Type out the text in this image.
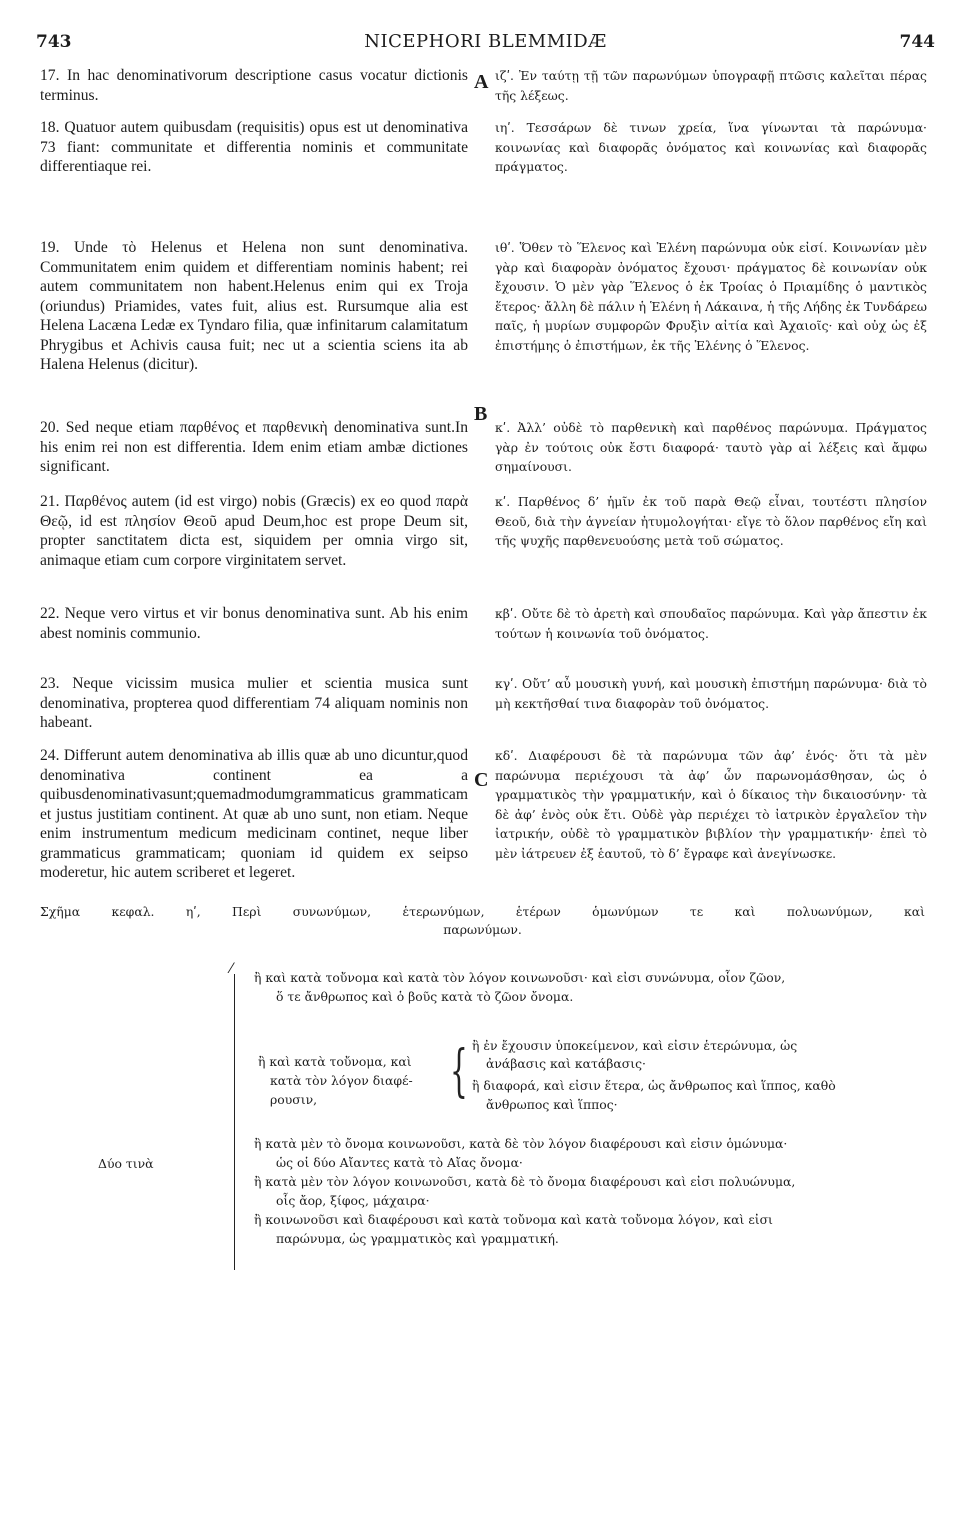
743	NICEPHORI BLEMMIDÆ	744

17. In hac denominativorum descriptione casus vocatur dictionis terminus.

18. Quatuor autem quibusdam (requisitis) opus est ut denominativa 73 fiant: communitate et differentia nominis et communitate differentiaque rei.

19. Unde τὸ Helenus et Helena non sunt denominativa. Communitatem enim quidem et differentiam nominis habent; rei autem communitatem non habent.Helenus enim qui ex Troja (oriundus) Priamides, vates fuit, alius est. Rursumque alia est Helena Lacæna Ledæ ex Tyndaro filia, quæ infinitarum calamitatum Phrygibus et Achivis causa fuit; nec ut a scientia sciens ita ab Halena Helenus (dicitur).

20. Sed neque etiam παρθένος et παρθενικὴ denominativa sunt.In his enim rei non est differentia. Idem enim etiam ambæ dictiones significant.

21. Παρθένος autem (id est virgo) nobis (Græcis) ex eo quod παρὰ Θεῷ, id est πλησίον Θεοῦ apud Deum,hoc est prope Deum sit, propter sanctitatem dicta est, siquidem per omnia virgo sit, animaque etiam cum corpore virginitatem servet.

22. Neque vero virtus et vir bonus denominativa sunt. Ab his enim abest nominis communio.

23. Neque vicissim musica mulier et scientia musica sunt denominativa, propterea quod differentiam 74 aliquam nominis non habeant.

24. Differunt autem denominativa ab illis quæ ab uno dicuntur,quod denominativa continent ea a quibusdenominativasunt;quemadmodumgrammaticus grammaticam et justus justitiam continent. At quæ ab uno sunt, non etiam. Neque enim instrumentum medicum medicinam continet, neque liber grammaticus grammaticam; quoniam id quidem ex seipso moderetur, hic autem scriberet et legeret.

A
B
C

ιζʹ. Ἐν ταύτῃ τῇ τῶν παρωνύμων ὑπογραφῇ πτῶσις καλεῖται πέρας τῆς λέξεως.

ιηʹ. Τεσσάρων δὲ τινων χρεία, ἵνα γίνωνται τὰ παρώνυμα· κοινωνίας καὶ διαφορᾶς ὀνόματος καὶ κοινωνίας καὶ διαφορᾶς πράγματος.

ιθʹ. Ὅθεν τὸ Ἕλενος καὶ Ἑλένη παρώνυμα οὐκ εἰσί. Κοινωνίαν μὲν γὰρ καὶ διαφορὰν ὀνόματος ἔχουσι· πράγματος δὲ κοινωνίαν οὐκ ἔχουσιν. Ὁ μὲν γὰρ Ἕλενος ὁ ἐκ Τροίας ὁ Πριαμίδης ὁ μαντικὸς ἕτερος· ἄλλη δὲ πάλιν ἡ Ἑλένη ἡ Λάκαινα, ἡ τῆς Λήδης ἐκ Τυνδάρεω παῖς, ἡ μυρίων συμφορῶν Φρυξὶν αἰτία καὶ Ἀχαιοῖς· καὶ οὐχ ὡς ἐξ ἐπιστήμης ὁ ἐπιστήμων, ἐκ τῆς Ἑλένης ὁ Ἕλενος.

κʹ. Ἀλλ’ οὐδὲ τὸ παρθενικὴ καὶ παρθένος παρώνυμα. Πράγματος γὰρ ἐν τούτοις οὐκ ἔστι διαφορά· ταυτὸ γὰρ αἱ λέξεις καὶ ἄμφω σημαίνουσι.

κʹ. Παρθένος δ’ ἡμῖν ἐκ τοῦ παρὰ Θεῷ εἶναι, τουτέστι πλησίον Θεοῦ, διὰ τὴν ἁγνείαν ἠτυμολογήται· εἴγε τὸ ὅλον παρθένος εἴη καὶ τῆς ψυχῆς παρθενευούσης μετὰ τοῦ σώματος.

κβʹ. Οὔτε δὲ τὸ ἀρετὴ καὶ σπουδαῖος παρώνυμα. Καὶ γὰρ ἄπεστιν ἐκ τούτων ἡ κοινωνία τοῦ ὀνόματος.

κγʹ. Οὔτ’ αὖ μουσικὴ γυνή, καὶ μουσικὴ ἐπιστήμη παρώνυμα· διὰ τὸ μὴ κεκτῆσθαί τινα διαφορὰν τοῦ ὀνόματος.

κδʹ. Διαφέρουσι δὲ τὰ παρώνυμα τῶν ἀφ’ ἑνός· ὅτι τὰ μὲν παρώνυμα περιέχουσι τὰ ἀφ’ ὧν παρωνομάσθησαν, ὡς ὁ γραμματικὸς τὴν γραμματικήν, καὶ ὁ δίκαιος τὴν δικαιοσύνην· τὰ δὲ ἀφ’ ἑνὸς οὐκ ἔτι. Οὐδὲ γὰρ περιέχει τὸ ἰατρικὸν ἐργαλεῖον τὴν ἰατρικήν, οὐδὲ τὸ γραμματικὸν βιβλίον τὴν γραμματικήν· ἐπεὶ τὸ μὲν ἰάτρευεν ἐξ ἑαυτοῦ, τὸ δ’ ἔγραφε καὶ ἀνεγίνωσκε.

Σχῆμα κεφαλ. ηʹ, Περὶ συνωνύμων, ἑτερωνύμων, ἑτέρων ὁμωνύμων τε καὶ πολυωνύμων, καὶ
παρωνύμων.
Δύο τινὰ
⁄
ἢ καὶ κατὰ τοὔνομα καὶ κατὰ τὸν λόγον κοινωνοῦσι· καὶ εἰσι συνώνυμα, οἷον ζῶον,
ὅ τε ἄνθρωπος καὶ ὁ βοῦς κατὰ τὸ ζῶον ὄνομα.
ἢ καὶ κατὰ τοὔνομα, καὶ
κατὰ τὸν λόγον διαφέ-
ρουσιν, { ἢ ἐν ἔχουσιν ὑποκείμενον, καὶ εἰσιν ἑτερώνυμα, ὡς
ἀνάβασις καὶ κατάβασις·
ἢ διαφορά, καὶ εἰσιν ἕτερα, ὡς ἄνθρωπος καὶ ἵππος, καθὸ
ἄνθρωπος καὶ ἵππος·
ἢ κατὰ μὲν τὸ ὄνομα κοινωνοῦσι, κατὰ δὲ τὸν λόγον διαφέρουσι καὶ εἰσιν ὁμώνυμα·
ὡς οἱ δύο Αἴαντες κατὰ τὸ Αἴας ὄνομα·
ἢ κατὰ μὲν τὸν λόγον κοινωνοῦσι, κατὰ δὲ τὸ ὄνομα διαφέρουσι καὶ εἰσι πολυώνυμα,
οἷς ἄορ, ξίφος, μάχαιρα·
ἢ κοινωνοῦσι καὶ διαφέρουσι καὶ κατὰ τοὔνομα καὶ κατὰ τοὔνομα λόγον, καὶ εἰσι
παρώνυμα, ὡς γραμματικὸς καὶ γραμματική.
